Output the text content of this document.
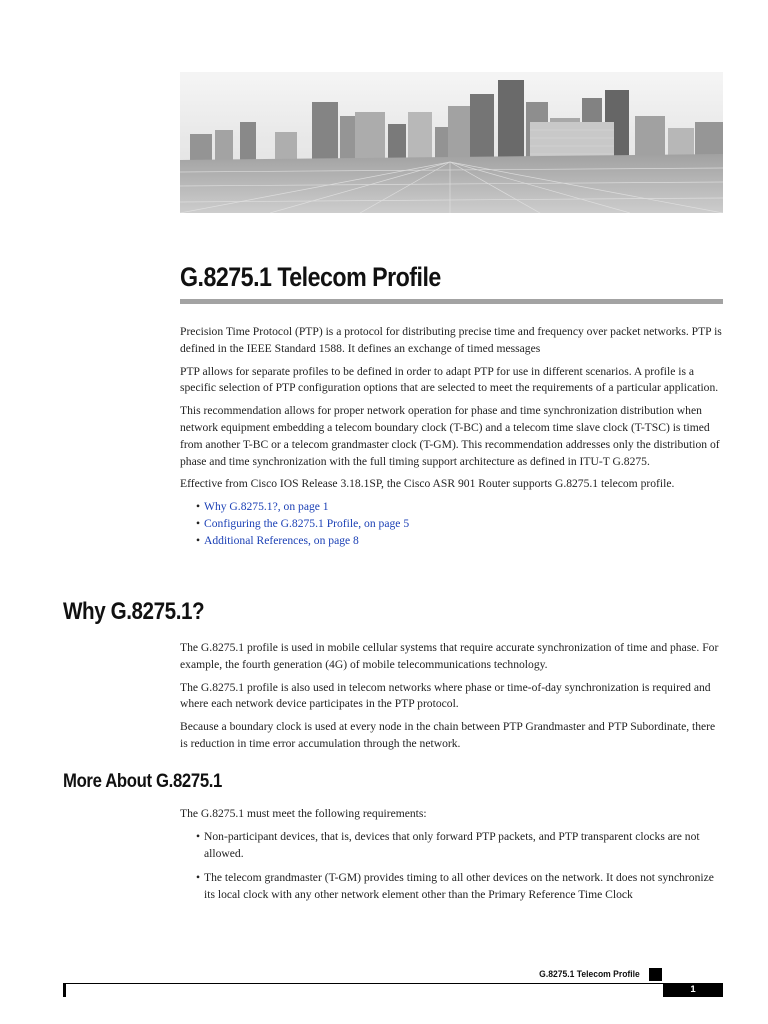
G.8275.1 Telecom Profile

Precision Time Protocol (PTP) is a protocol for distributing precise time and frequency over packet networks. PTP is defined in the IEEE Standard 1588. It defines an exchange of timed messages

PTP allows for separate profiles to be defined in order to adapt PTP for use in different scenarios. A profile is a specific selection of PTP configuration options that are selected to meet the requirements of a particular application.

This recommendation allows for proper network operation for phase and time synchronization distribution when network equipment embedding a telecom boundary clock (T-BC) and a telecom time slave clock (T-TSC) is timed from another T-BC or a telecom grandmaster clock (T-GM). This recommendation addresses only the distribution of phase and time synchronization with the full timing support architecture as defined in ITU-T G.8275.

Effective from Cisco IOS Release 3.18.1SP, the Cisco ASR 901 Router supports G.8275.1 telecom profile.

• Why G.8275.1?, on page 1
• Configuring the G.8275.1 Profile, on page 5
• Additional References, on page 8
Why G.8275.1?

The G.8275.1 profile is used in mobile cellular systems that require accurate synchronization of time and phase. For example, the fourth generation (4G) of mobile telecommunications technology.

The G.8275.1 profile is also used in telecom networks where phase or time-of-day synchronization is required and where each network device participates in the PTP protocol.

Because a boundary clock is used at every node in the chain between PTP Grandmaster and PTP Subordinate, there is reduction in time error accumulation through the network.

More About G.8275.1

The G.8275.1 must meet the following requirements:

• Non-participant devices, that is, devices that only forward PTP packets, and PTP transparent clocks are not allowed.
• The telecom grandmaster (T-GM) provides timing to all other devices on the network. It does not synchronize its local clock with any other network element other than the Primary Reference Time Clock
G.8275.1 Telecom Profile
1
